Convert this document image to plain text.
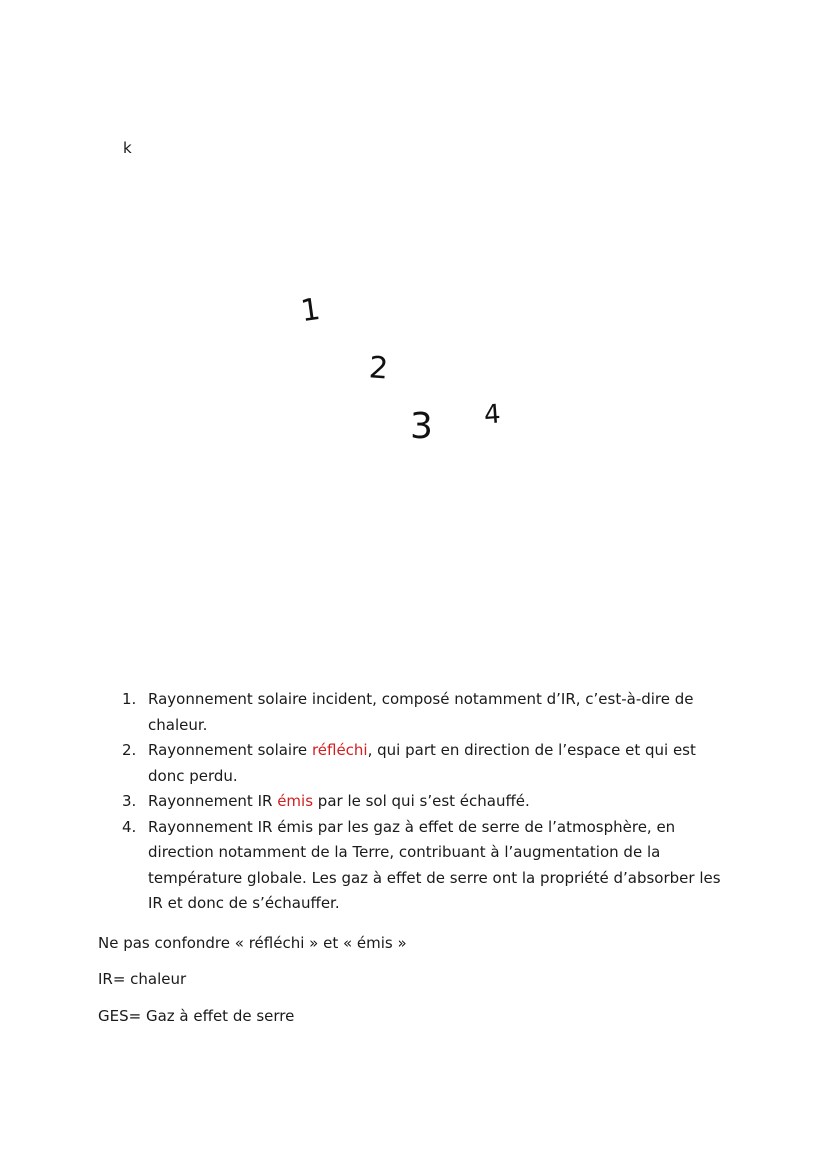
k
1
2
3 4
1. Rayonnement solaire incident, composé notamment d’IR, c’est-à-dire de chaleur.
2. Rayonnement solaire réfléchi, qui part en direction de l’espace et qui est donc perdu.
3. Rayonnement IR émis par le sol qui s’est échauffé.
4. Rayonnement IR émis par les gaz à effet de serre de l’atmosphère, en direction notamment de la Terre, contribuant à l’augmentation de la température globale. Les gaz à effet de serre ont la propriété d’absorber les IR et donc de s’échauffer.

Ne pas confondre « réfléchi » et « émis »

IR= chaleur

GES= Gaz à effet de serre
